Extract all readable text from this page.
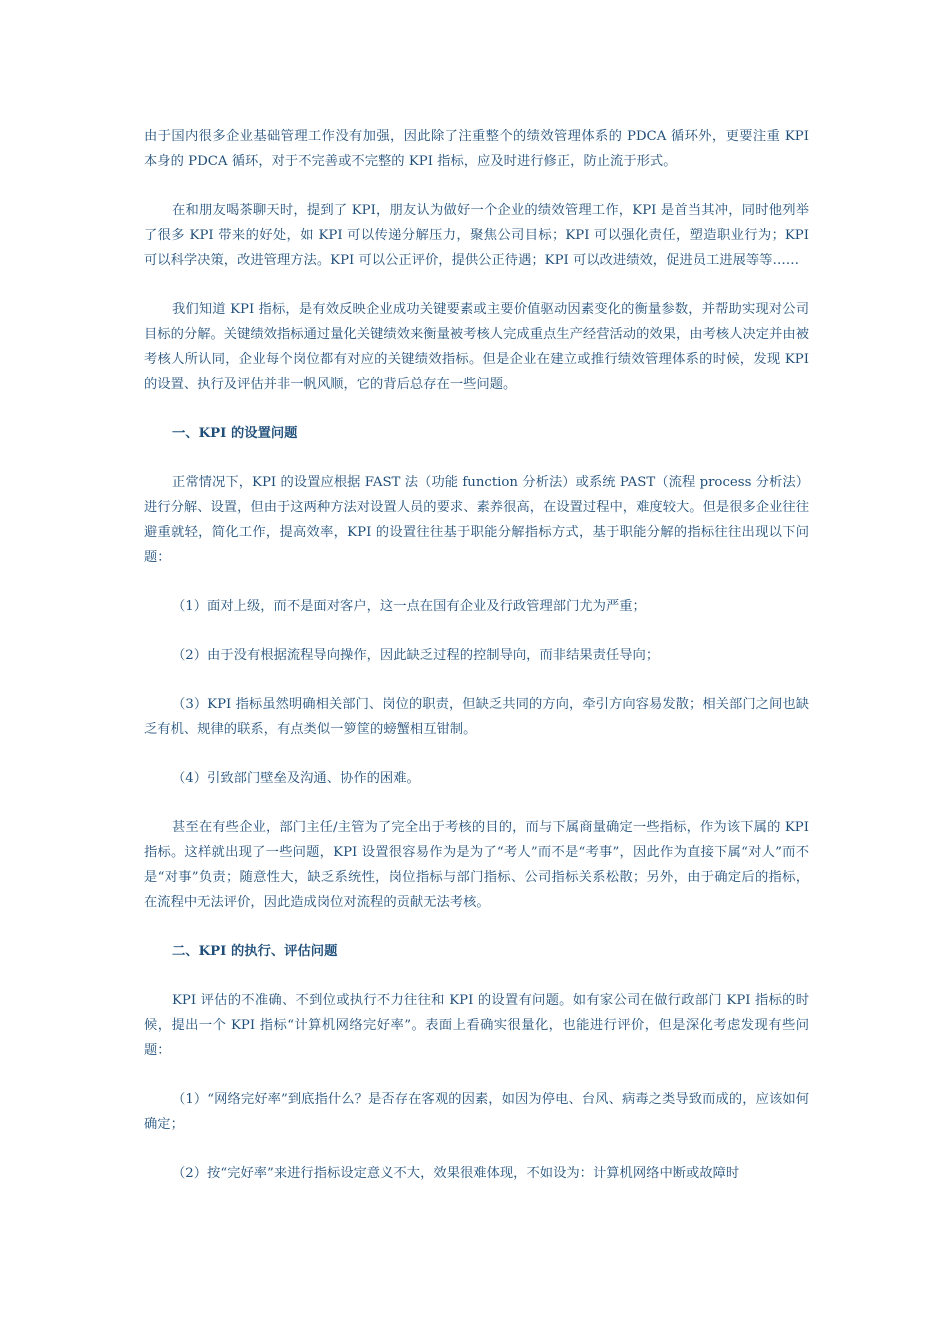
由于国内很多企业基础管理工作没有加强，因此除了注重整个的绩效管理体系的 PDCA 循环外，更要注重 KPI 本身的 PDCA 循环，对于不完善或不完整的 KPI 指标，应及时进行修正，防止流于形式。

在和朋友喝茶聊天时，提到了 KPI，朋友认为做好一个企业的绩效管理工作，KPI 是首当其冲，同时他列举了很多 KPI 带来的好处，如 KPI 可以传递分解压力，聚焦公司目标；KPI 可以强化责任，塑造职业行为；KPI 可以科学决策，改进管理方法。KPI 可以公正评价，提供公正待遇；KPI 可以改进绩效，促进员工进展等等……

我们知道 KPI 指标，是有效反映企业成功关键要素或主要价值驱动因素变化的衡量参数，并帮助实现对公司目标的分解。关键绩效指标通过量化关键绩效来衡量被考核人完成重点生产经营活动的效果，由考核人决定并由被考核人所认同，企业每个岗位都有对应的关键绩效指标。但是企业在建立或推行绩效管理体系的时候，发现 KPI 的设置、执行及评估并非一帆风顺，它的背后总存在一些问题。

一、KPI 的设置问题

正常情况下，KPI 的设置应根据 FAST 法（功能 function 分析法）或系统 PAST（流程 process 分析法）进行分解、设置，但由于这两种方法对设置人员的要求、素养很高，在设置过程中，难度较大。但是很多企业往往避重就轻，简化工作，提高效率，KPI 的设置往往基于职能分解指标方式，基于职能分解的指标往往出现以下问题：

（1）面对上级，而不是面对客户，这一点在国有企业及行政管理部门尤为严重；

（2）由于没有根据流程导向操作，因此缺乏过程的控制导向，而非结果责任导向；

（3）KPI 指标虽然明确相关部门、岗位的职责，但缺乏共同的方向，牵引方向容易发散；相关部门之间也缺乏有机、规律的联系，有点类似一箩筐的螃蟹相互钳制。

（4）引致部门壁垒及沟通、协作的困难。

甚至在有些企业，部门主任/主管为了完全出于考核的目的，而与下属商量确定一些指标，作为该下属的 KPI 指标。这样就出现了一些问题，KPI 设置很容易作为是为了“考人”而不是“考事”，因此作为直接下属“对人”而不是“对事”负责；随意性大，缺乏系统性，岗位指标与部门指标、公司指标关系松散；另外，由于确定后的指标，在流程中无法评价，因此造成岗位对流程的贡献无法考核。

二、KPI 的执行、评估问题

KPI 评估的不准确、不到位或执行不力往往和 KPI 的设置有问题。如有家公司在做行政部门 KPI 指标的时候，提出一个 KPI 指标“计算机网络完好率”。表面上看确实很量化，也能进行评价，但是深化考虑发现有些问题：

（1）“网络完好率”到底指什么？是否存在客观的因素，如因为停电、台风、病毒之类导致而成的，应该如何确定；

（2）按“完好率”来进行指标设定意义不大，效果很难体现，不如设为：计算机网络中断或故障时
